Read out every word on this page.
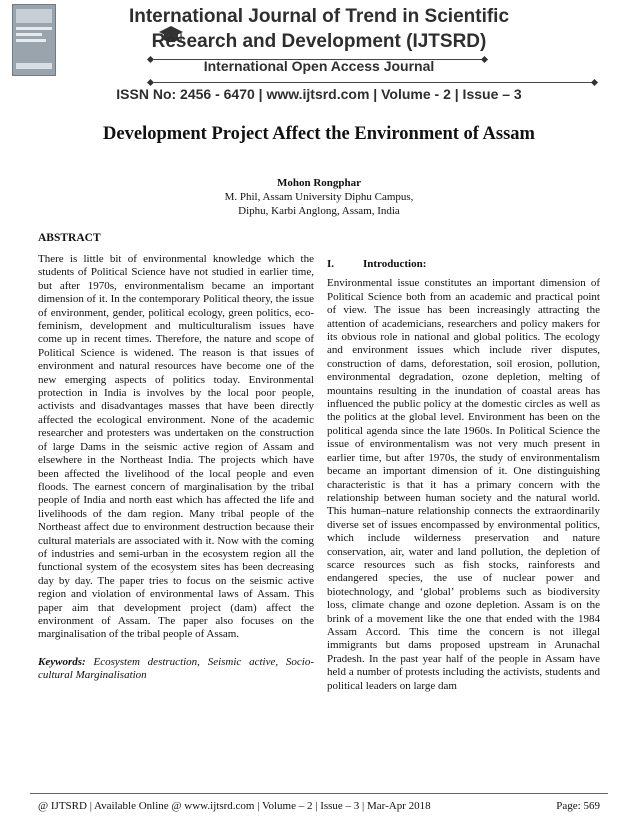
International Journal of Trend in Scientific
Research and Development (IJTSRD)
International Open Access Journal
ISSN No: 2456 - 6470 | www.ijtsrd.com | Volume - 2 | Issue – 3
Development Project Affect the Environment of Assam
Mohon Rongphar
M. Phil, Assam University Diphu Campus,
Diphu, Karbi Anglong, Assam, India
ABSTRACT

There is little bit of environmental knowledge which the students of Political Science have not studied in earlier time, but after 1970s, environmentalism became an important dimension of it. In the contemporary Political theory, the issue of environment, gender, political ecology, green politics, eco-feminism, development and multiculturalism issues have come up in recent times. Therefore, the nature and scope of Political Science is widened. The reason is that issues of environment and natural resources have become one of the new emerging aspects of politics today. Environmental protection in India is involves by the local poor people, activists and disadvantages masses that have been directly affected the ecological environment. None of the academic researcher and protesters was undertaken on the construction of large Dams in the seismic active region of Assam and elsewhere in the Northeast India. The projects which have been affected the livelihood of the local people and even floods. The earnest concern of marginalisation by the tribal people of India and north east which has affected the life and livelihoods of the dam region. Many tribal people of the Northeast affect due to environment destruction because their cultural materials are associated with it. Now with the coming of industries and semi-urban in the ecosystem region all the functional system of the ecosystem sites has been decreasing day by day. The paper tries to focus on the seismic active region and violation of environmental laws of Assam. This paper aim that development project (dam) affect the environment of Assam. The paper also focuses on the marginalisation of the tribal people of Assam.

Keywords: Ecosystem destruction, Seismic active, Socio-cultural Marginalisation

I.	Introduction:

Environmental issue constitutes an important dimension of Political Science both from an academic and practical point of view. The issue has been increasingly attracting the attention of academicians, researchers and policy makers for its obvious role in national and global politics. The ecology and environment issues which include river disputes, construction of dams, deforestation, soil erosion, pollution, environmental degradation, ozone depletion, melting of mountains resulting in the inundation of coastal areas has influenced the public policy at the domestic circles as well as the politics at the global level. Environment has been on the political agenda since the late 1960s. In Political Science the issue of environmentalism was not very much present in earlier time, but after 1970s, the study of environmentalism became an important dimension of it. One distinguishing characteristic is that it has a primary concern with the relationship between human society and the natural world. This human–nature relationship connects the extraordinarily diverse set of issues encompassed by environmental politics, which include wilderness preservation and nature conservation, air, water and land pollution, the depletion of scarce resources such as fish stocks, rainforests and endangered species, the use of nuclear power and biotechnology, and ‘global’ problems such as biodiversity loss, climate change and ozone depletion. Assam is on the brink of a movement like the one that ended with the 1984 Assam Accord. This time the concern is not illegal immigrants but dams proposed upstream in Arunachal Pradesh. In the past year half of the people in Assam have held a number of protests including the activists, students and political leaders on large dam

@ IJTSRD | Available Online @ www.ijtsrd.com | Volume – 2 | Issue – 3 | Mar-Apr 2018	Page: 569
